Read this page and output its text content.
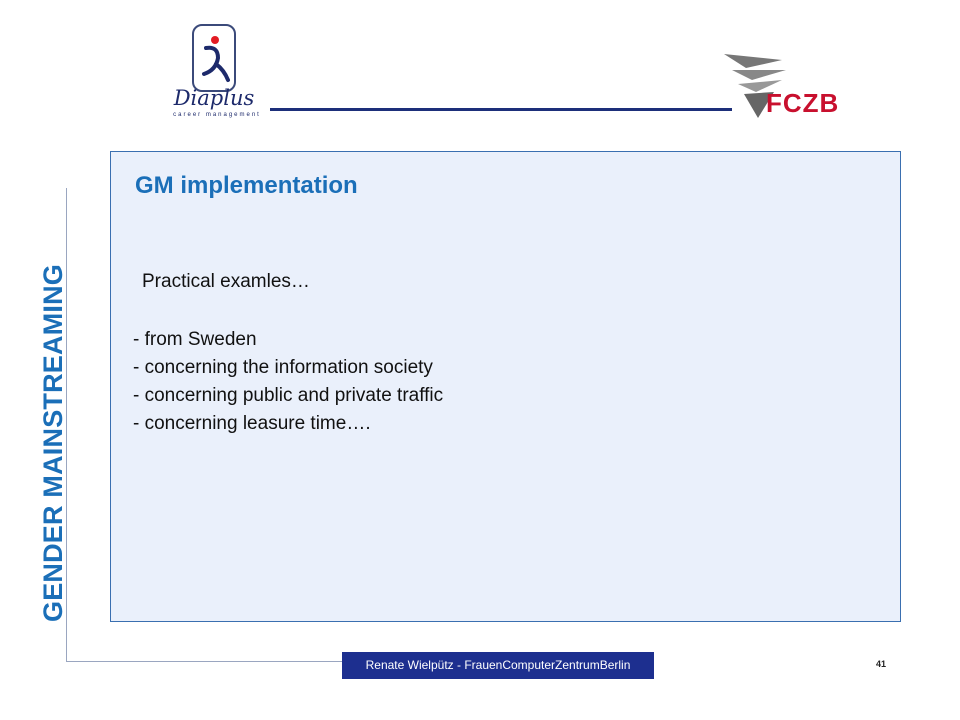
Diaplus
career management	FCZB
GENDER MAINSTREAMING
GM implementation
Practical examles…
- from Sweden
- concerning the information society
- concerning public and private traffic
- concerning leasure time….
Renate Wielpütz - FrauenComputerZentrumBerlin	41
